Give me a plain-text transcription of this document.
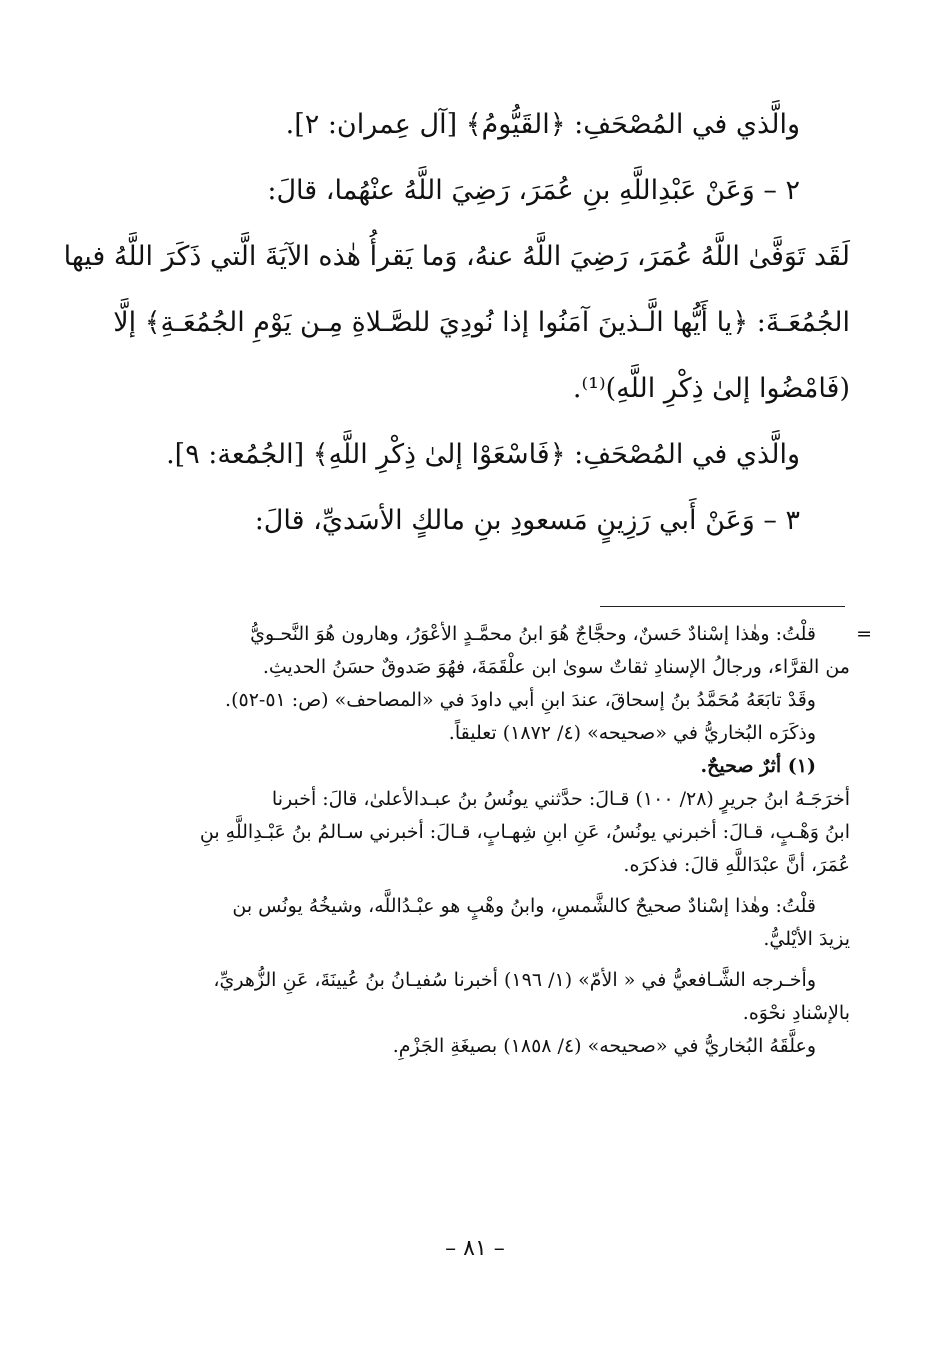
والَّذي في المُصْحَفِ: ﴿القَيُّومُ﴾ [آل عِمران: ٢].
٢ – وَعَنْ عَبْدِاللَّهِ بنِ عُمَرَ، رَضِيَ اللَّهُ عنْهُما، قالَ:
لَقَد تَوَفَّىٰ اللَّهُ عُمَرَ، رَضِيَ اللَّهُ عنهُ، وَما يَقرأُ هٰذه الآيَةَ الَّتي ذَكَرَ اللَّهُ فيها
الجُمُعَـةَ: ﴿يا أَيُّها الَّـذينَ آمَنُوا إذا نُودِيَ للصَّـلاةِ مِـن يَوْمِ الجُمُعَـةِ﴾ إلَّا
(فَامْضُوا إلىٰ ذِكْرِ اللَّهِ)⁽¹⁾.
والَّذي في المُصْحَفِ: ﴿فَاسْعَوْا إلىٰ ذِكْرِ اللَّهِ﴾ [الجُمُعة: ٩].
٣ – وَعَنْ أَبي رَزِينٍ مَسعودِ بنِ مالكٍ الأسَديِّ، قالَ:
=
قلْتُ: وهٰذا إسْنادٌ حَسنٌ، وحجَّاجٌ هُوَ ابنُ محمَّـدٍ الأعْوَرُ، وهارون هُوَ النَّحـويُّ
من القرَّاء، ورجالُ الإسنادِ ثقاتٌ سوىٰ ابن علْقَمَةَ، فهُوَ صَدوقٌ حسَنُ الحديثِ.
وقَدْ تابَعَهُ مُحَمَّدُ بنُ إسحاقَ، عندَ ابنِ أبي داودَ في «المصاحف» (ص: ٥١-٥٢).
وذكَرَه البُخاريُّ في «صحيحه» (٤/ ١٨٧٢) تعليقاً.
(١) أثرٌ صحيحٌ.
أخرَجَـهُ ابنُ جريرٍ (٢٨/ ١٠٠) قـالَ: حدَّثني يونُسُ بنُ عبـدالأعلىٰ، قالَ: أخبرنا
ابنُ وَهْـبٍ، قـالَ: أخبرني يونُسُ، عَنِ ابنِ شِهـابٍ، قـالَ: أخبرني سـالمُ بنُ عَبْـدِاللَّهِ بنِ
عُمَرَ، أنَّ عبْدَاللَّهِ قالَ: فذكرَه.
قلْتُ: وهٰذا إسْنادٌ صحيحٌ كالشَّمسِ، وابنُ وهْبٍ هو عبْـدُاللَّه، وشيخُهُ يونُس بن
يزيدَ الأيْليُّ.
وأخـرجه الشَّـافعيُّ في « الأمّ» (١/ ١٩٦) أخبرنا سُفيـانُ بنُ عُيينَةَ، عَنِ الزُّهريِّ،
بالإسْنادِ نحْوَه.
وعلَّقَهُ البُخاريُّ في «صحيحه» (٤/ ١٨٥٨) بصيغَةِ الجَزْمِ.
– ٨١ –
